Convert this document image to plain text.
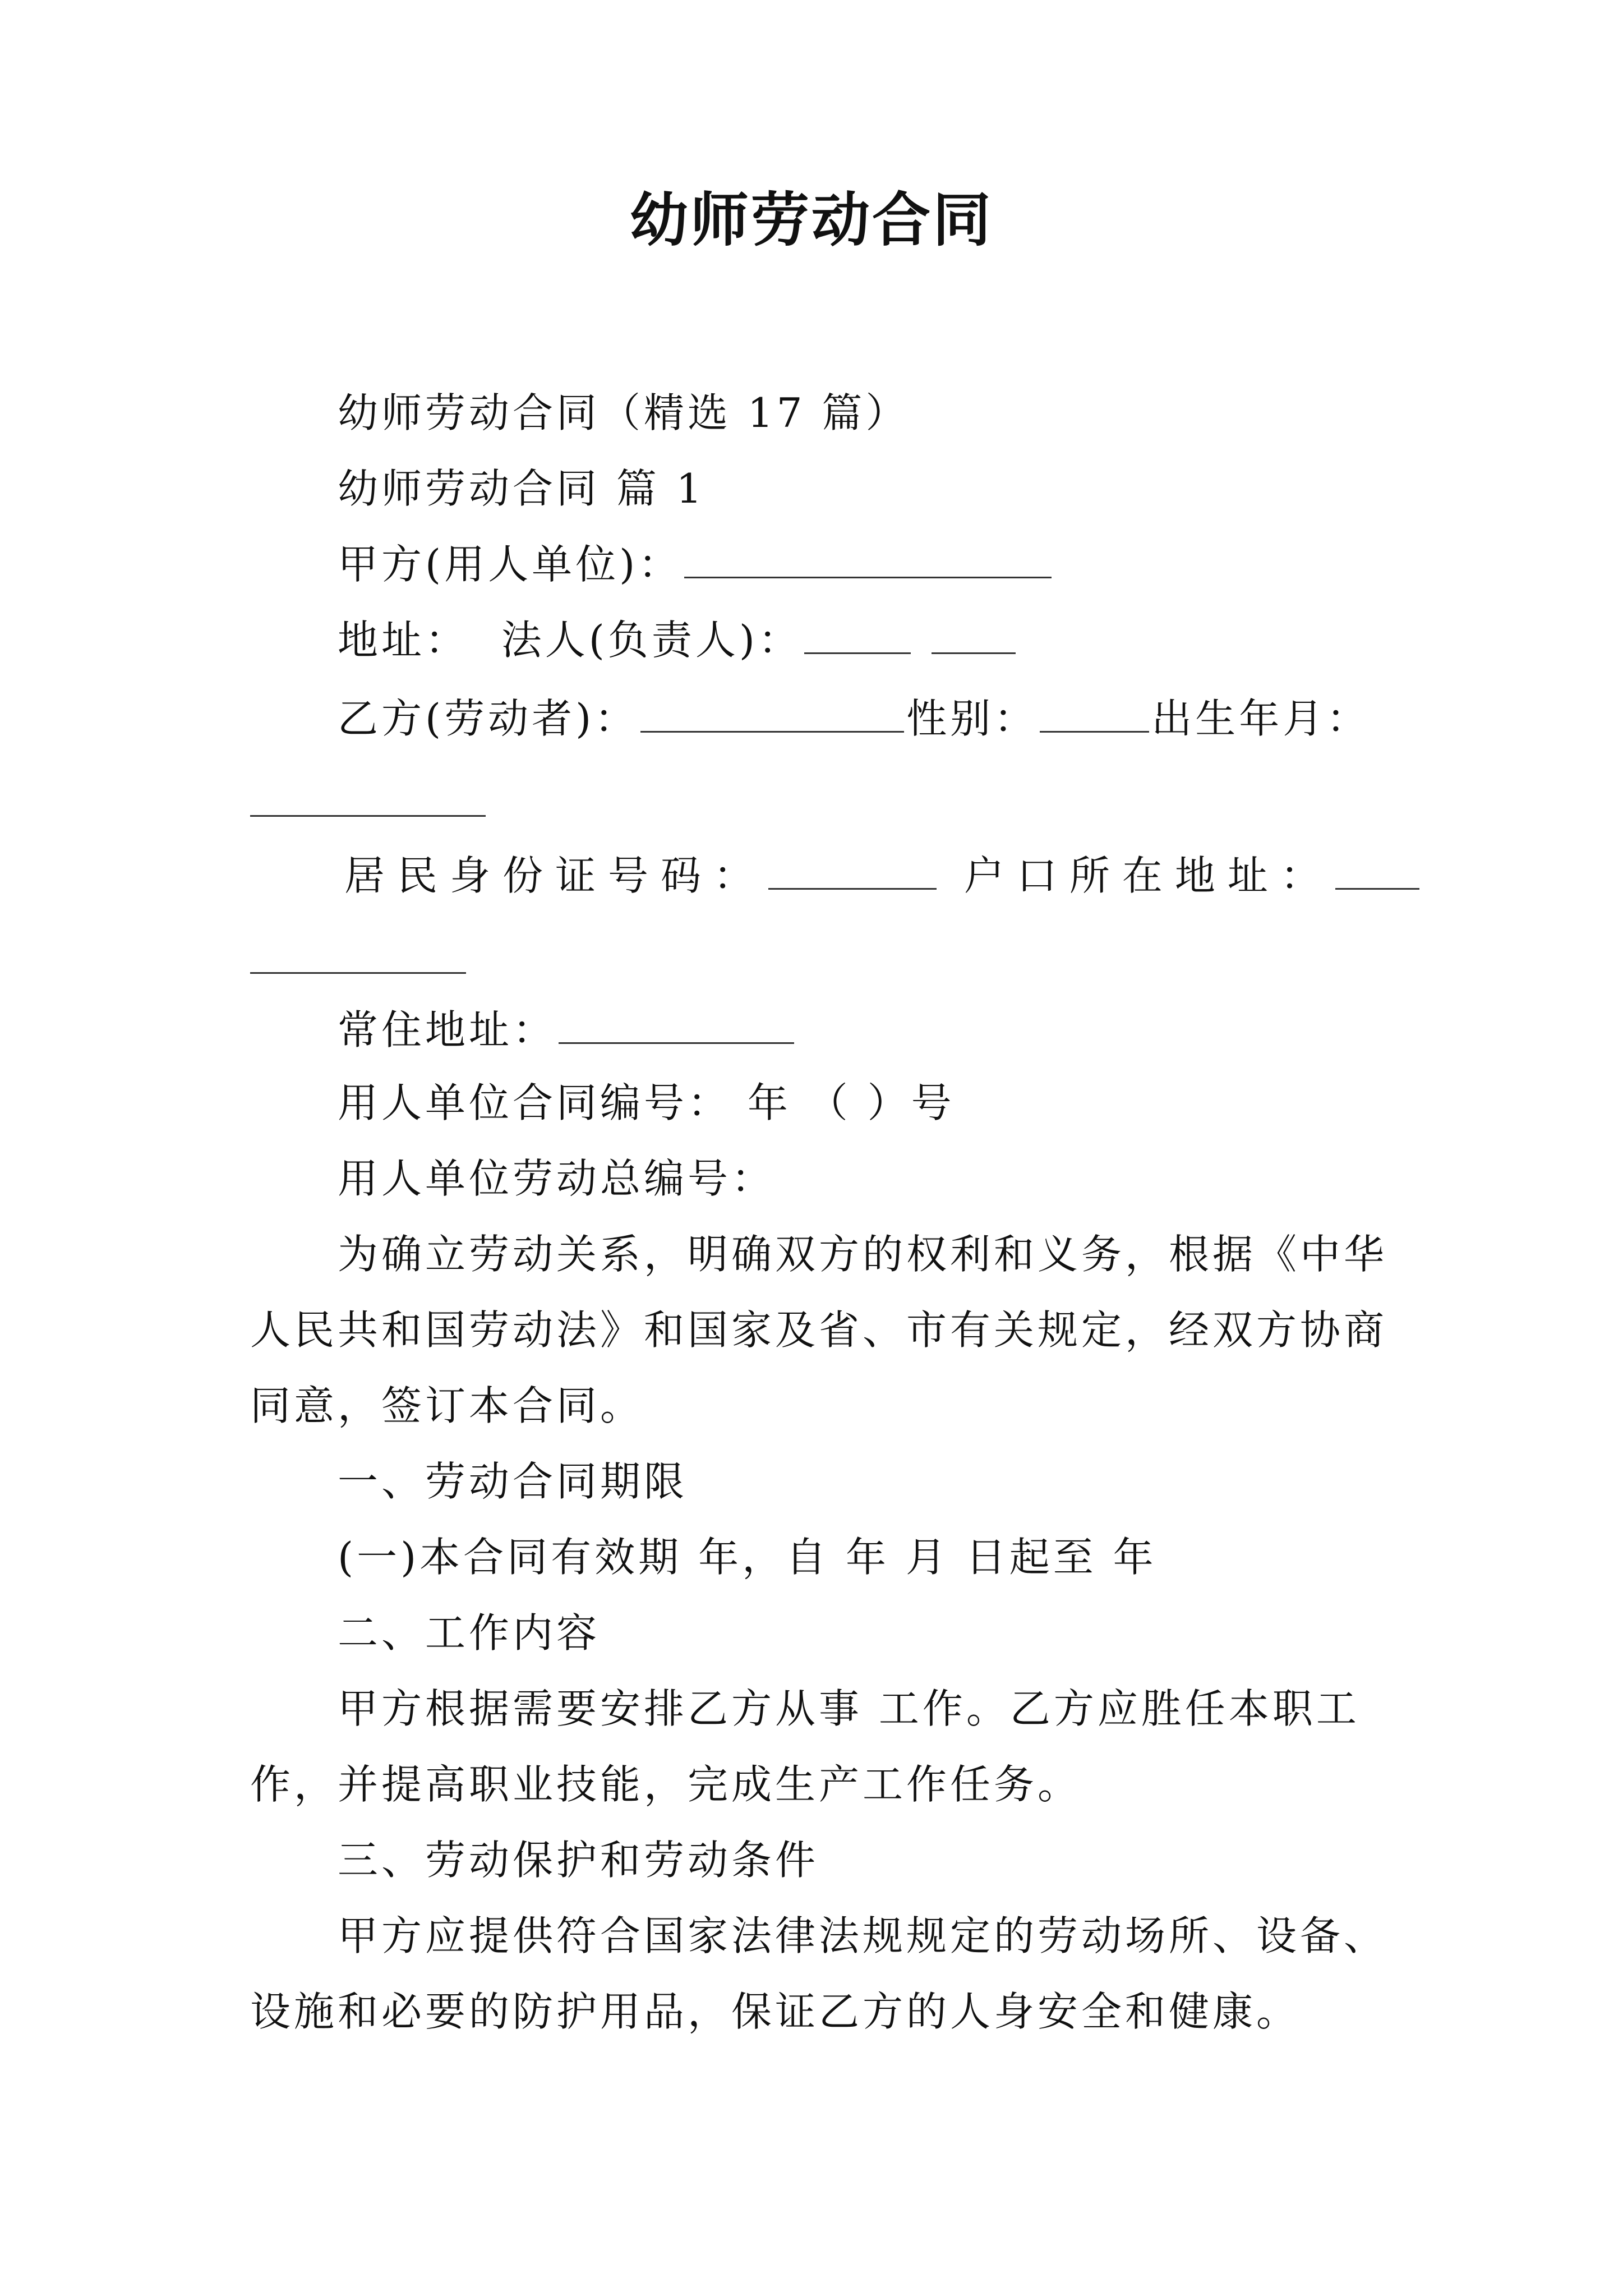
幼师劳动合同
幼师劳动合同（精选 17 篇）
幼师劳动合同 篇 1
甲方(用人单位)：
地址： 法人(负责人)：
乙方(劳动者)：	性别：	出生年月：
居民身份证号码：	户口所在地址：
常住地址：
用人单位合同编号： 年 （ ）号
用人单位劳动总编号：
为确立劳动关系，明确双方的权利和义务，根据《中华
人民共和国劳动法》和国家及省、市有关规定，经双方协商
同意，签订本合同。
一、劳动合同期限
(一)本合同有效期 年，自 年 月 日起至 年
二、工作内容
甲方根据需要安排乙方从事 工作。乙方应胜任本职工
作，并提高职业技能，完成生产工作任务。
三、劳动保护和劳动条件
甲方应提供符合国家法律法规规定的劳动场所、设备、
设施和必要的防护用品，保证乙方的人身安全和健康。
